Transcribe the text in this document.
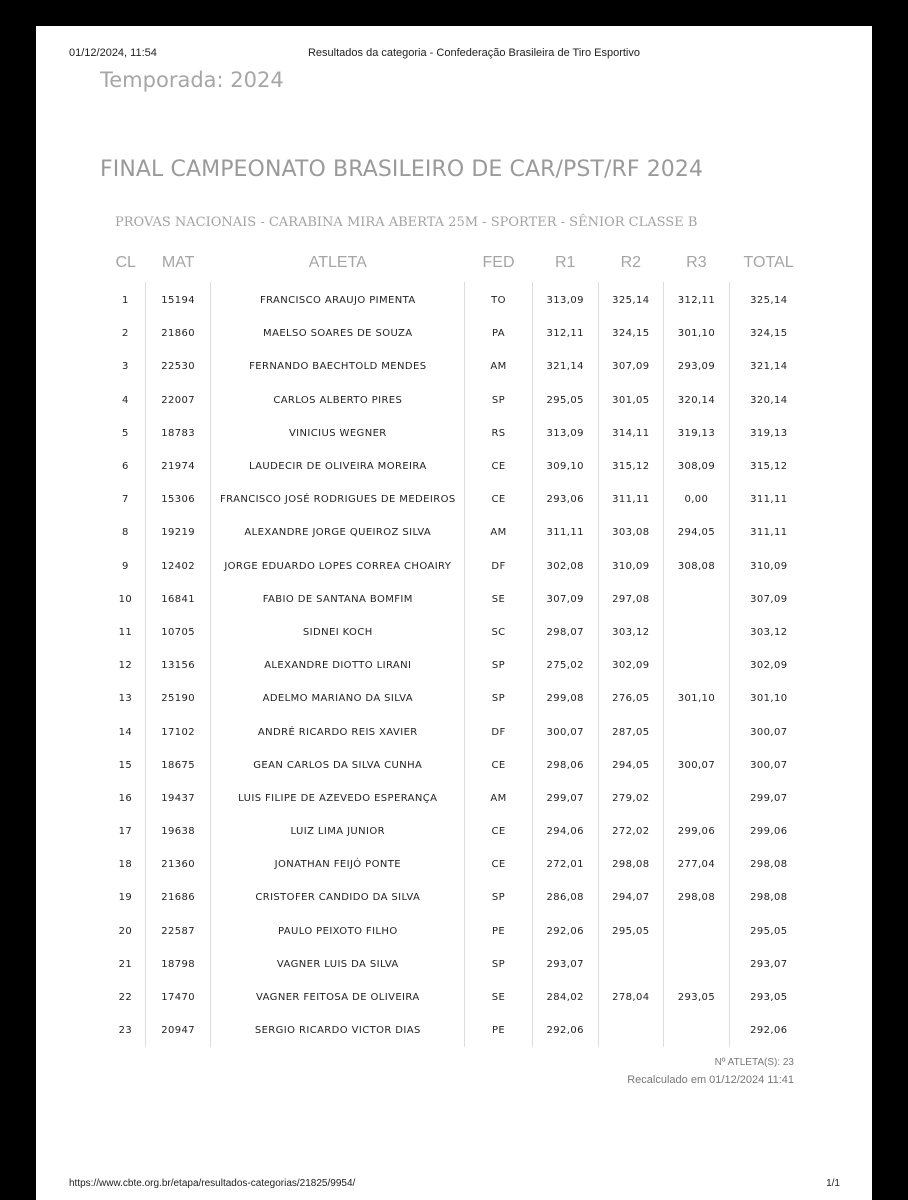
01/12/2024, 11:54	Resultados da categoria - Confederação Brasileira de Tiro Esportivo
Temporada: 2024
FINAL CAMPEONATO BRASILEIRO DE CAR/PST/RF 2024
PROVAS NACIONAIS - CARABINA MIRA ABERTA 25M - SPORTER - SÊNIOR CLASSE B
CL	MAT	ATLETA	FED	R1	R2	R3	TOTAL
1	15194	FRANCISCO ARAUJO PIMENTA	TO	313,09	325,14	312,11	325,14
2	21860	MAELSO SOARES DE SOUZA	PA	312,11	324,15	301,10	324,15
3	22530	FERNANDO BAECHTOLD MENDES	AM	321,14	307,09	293,09	321,14
4	22007	CARLOS ALBERTO PIRES	SP	295,05	301,05	320,14	320,14
5	18783	VINICIUS WEGNER	RS	313,09	314,11	319,13	319,13
6	21974	LAUDECIR DE OLIVEIRA MOREIRA	CE	309,10	315,12	308,09	315,12
7	15306	FRANCISCO JOSÉ RODRIGUES DE MEDEIROS	CE	293,06	311,11	0,00	311,11
8	19219	ALEXANDRE JORGE QUEIROZ SILVA	AM	311,11	303,08	294,05	311,11
9	12402	JORGE EDUARDO LOPES CORREA CHOAIRY	DF	302,08	310,09	308,08	310,09
10	16841	FABIO DE SANTANA BOMFIM	SE	307,09	297,08		307,09
11	10705	SIDNEI KOCH	SC	298,07	303,12		303,12
12	13156	ALEXANDRE DIOTTO LIRANI	SP	275,02	302,09		302,09
13	25190	ADELMO MARIANO DA SILVA	SP	299,08	276,05	301,10	301,10
14	17102	ANDRÉ RICARDO REIS XAVIER	DF	300,07	287,05		300,07
15	18675	GEAN CARLOS DA SILVA CUNHA	CE	298,06	294,05	300,07	300,07
16	19437	LUIS FILIPE DE AZEVEDO ESPERANÇA	AM	299,07	279,02		299,07
17	19638	LUIZ LIMA JUNIOR	CE	294,06	272,02	299,06	299,06
18	21360	JONATHAN FEIJÓ PONTE	CE	272,01	298,08	277,04	298,08
19	21686	CRISTOFER CANDIDO DA SILVA	SP	286,08	294,07	298,08	298,08
20	22587	PAULO PEIXOTO FILHO	PE	292,06	295,05		295,05
21	18798	VAGNER LUIS DA SILVA	SP	293,07			293,07
22	17470	VAGNER FEITOSA DE OLIVEIRA	SE	284,02	278,04	293,05	293,05
23	20947	SERGIO RICARDO VICTOR DIAS	PE	292,06			292,06
Nº ATLETA(S): 23
Recalculado em 01/12/2024 11:41
https://www.cbte.org.br/etapa/resultados-categorias/21825/9954/	1/1
